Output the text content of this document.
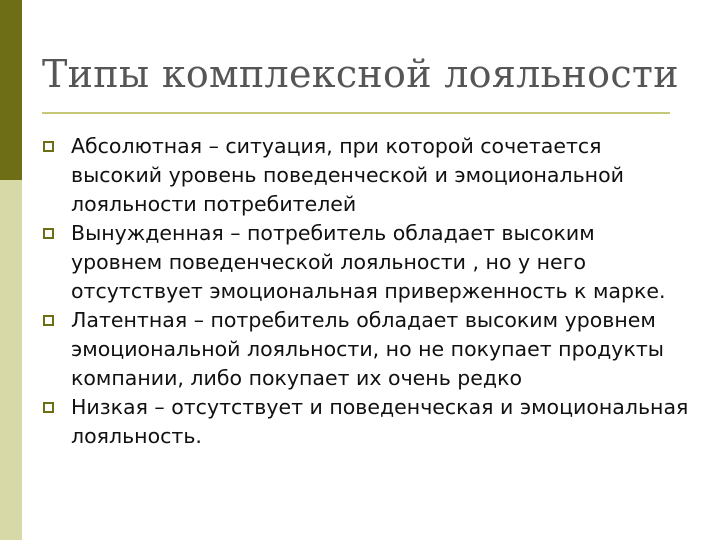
Типы комплексной лояльности
Абсолютная – ситуация, при которой сочетается высокий уровень поведенческой и эмоциональной лояльности потребителей
Вынужденная – потребитель обладает высоким уровнем поведенческой лояльности , но у него отсутствует эмоциональная приверженность к марке.
Латентная – потребитель обладает высоким уровнем эмоциональной лояльности, но не покупает продукты компании, либо покупает их очень редко
Низкая – отсутствует и поведенческая и эмоциональная лояльность.
